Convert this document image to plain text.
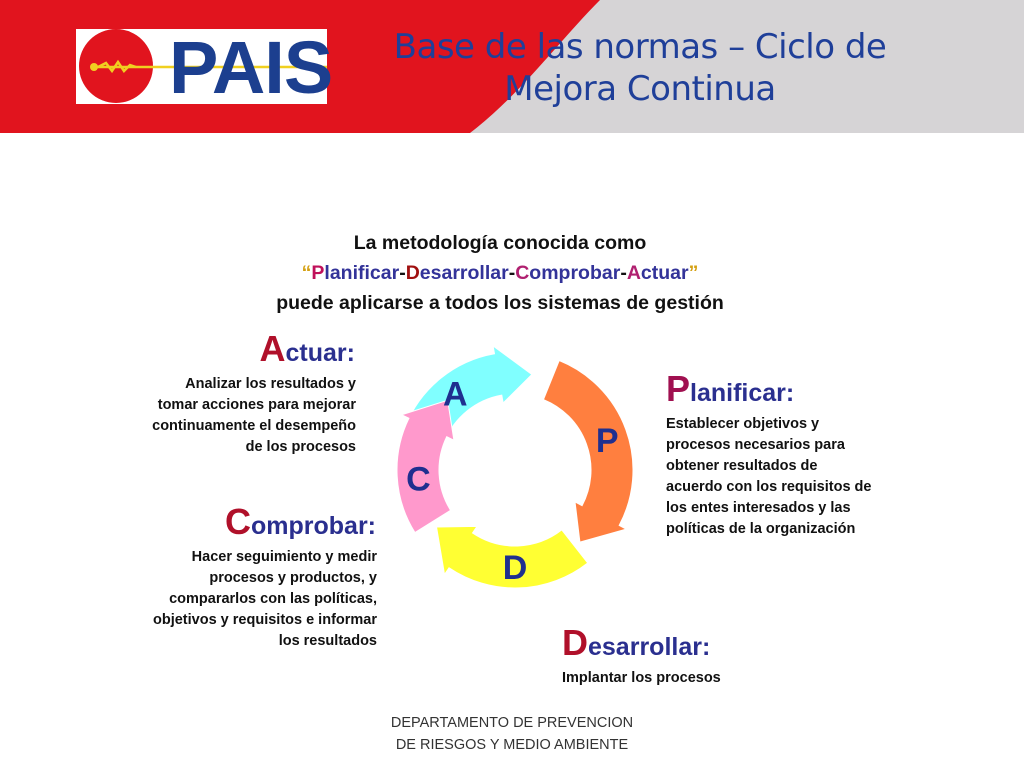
PAIS	Base de las normas – Ciclo de
Mejora Continua
La metodología conocida como
“Planificar-Desarrollar-Comprobar-Actuar”
puede aplicarse a todos los sistemas de gestión
A
P
D
C
Actuar:
Analizar los resultados y
tomar acciones para mejorar
continuamente el desempeño
de los procesos
Planificar:
Establecer objetivos y
procesos necesarios para
obtener resultados de
acuerdo con los requisitos de
los entes interesados y las
políticas de la organización
Comprobar:
Hacer seguimiento y medir
procesos y productos, y
compararlos con las políticas,
objetivos y requisitos e informar
los resultados	Desarrollar:
Implantar los procesos
DEPARTAMENTO DE PREVENCION
DE RIESGOS Y MEDIO AMBIENTE
